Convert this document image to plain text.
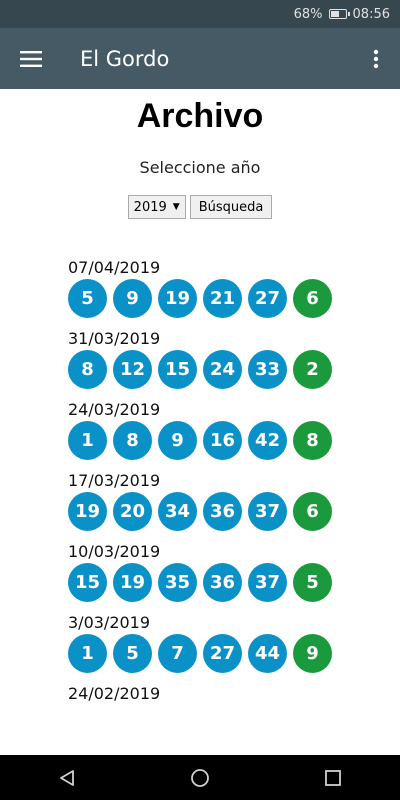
68% 08:56
El Gordo
Archivo
Seleccione año
2019 ▼	Búsqueda
07/04/2019
5	9	19	21	27	6
31/03/2019
8	12	15	24	33	2
24/03/2019
1	8	9	16	42	8
17/03/2019
19	20	34	36	37	6
10/03/2019
15	19	35	36	37	5
3/03/2019
1	5	7	27	44	9
24/02/2019
